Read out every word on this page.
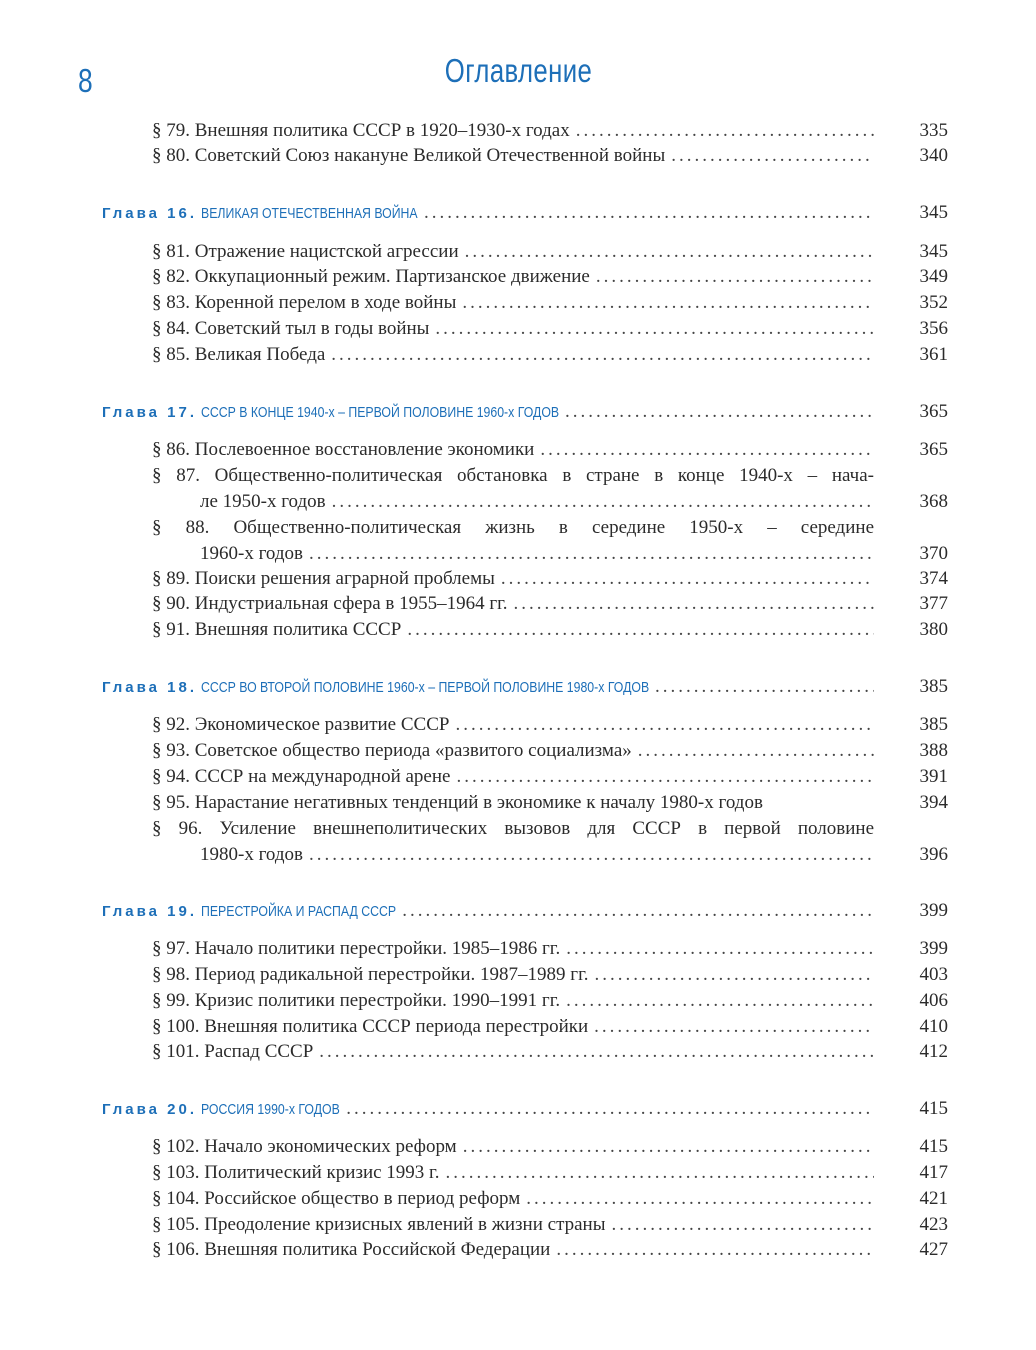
8	Оглавление
§ 79. Внешняя политика СССР в 1920–1930-х годах .....	335
§ 80. Советский Союз накануне Великой Отечественной войны .....	340
Глава 16. ВЕЛИКАЯ ОТЕЧЕСТВЕННАЯ ВОЙНА .....	345
§ 81. Отражение нацистской агрессии .....	345
§ 82. Оккупационный режим. Партизанское движение .....	349
§ 83. Коренной перелом в ходе войны .....	352
§ 84. Советский тыл в годы войны .....	356
§ 85. Великая Победа .....	361
Глава 17. СССР В КОНЦЕ 1940-х – ПЕРВОЙ ПОЛОВИНЕ 1960-х ГОДОВ .....	365
§ 86. Послевоенное восстановление экономики .....	365
§ 87. Общественно-политическая обстановка в стране в конце 1940-х – нача-
ле 1950-х годов .....	368
§ 88. Общественно-политическая жизнь в середине 1950-х – середине
1960-х годов .....	370
§ 89. Поиски решения аграрной проблемы .....	374
§ 90. Индустриальная сфера в 1955–1964 гг. .....	377
§ 91. Внешняя политика СССР .....	380
Глава 18. СССР ВО ВТОРОЙ ПОЛОВИНЕ 1960-х – ПЕРВОЙ ПОЛОВИНЕ 1980-х ГОДОВ .....	385
§ 92. Экономическое развитие СССР .....	385
§ 93. Советское общество периода «развитого социализма» .....	388
§ 94. СССР на международной арене .....	391
§ 95. Нарастание негативных тенденций в экономике к началу 1980-х годов	394
§ 96. Усиление внешнеполитических вызовов для СССР в первой половине
1980-х годов .....	396
Глава 19. ПЕРЕСТРОЙКА И РАСПАД СССР .....	399
§ 97. Начало политики перестройки. 1985–1986 гг. .....	399
§ 98. Период радикальной перестройки. 1987–1989 гг. .....	403
§ 99. Кризис политики перестройки. 1990–1991 гг. .....	406
§ 100. Внешняя политика СССР периода перестройки .....	410
§ 101. Распад СССР .....	412
Глава 20. РОССИЯ 1990-х ГОДОВ .....	415
§ 102. Начало экономических реформ .....	415
§ 103. Политический кризис 1993 г. .....	417
§ 104. Российское общество в период реформ .....	421
§ 105. Преодоление кризисных явлений в жизни страны .....	423
§ 106. Внешняя политика Российской Федерации .....	427
